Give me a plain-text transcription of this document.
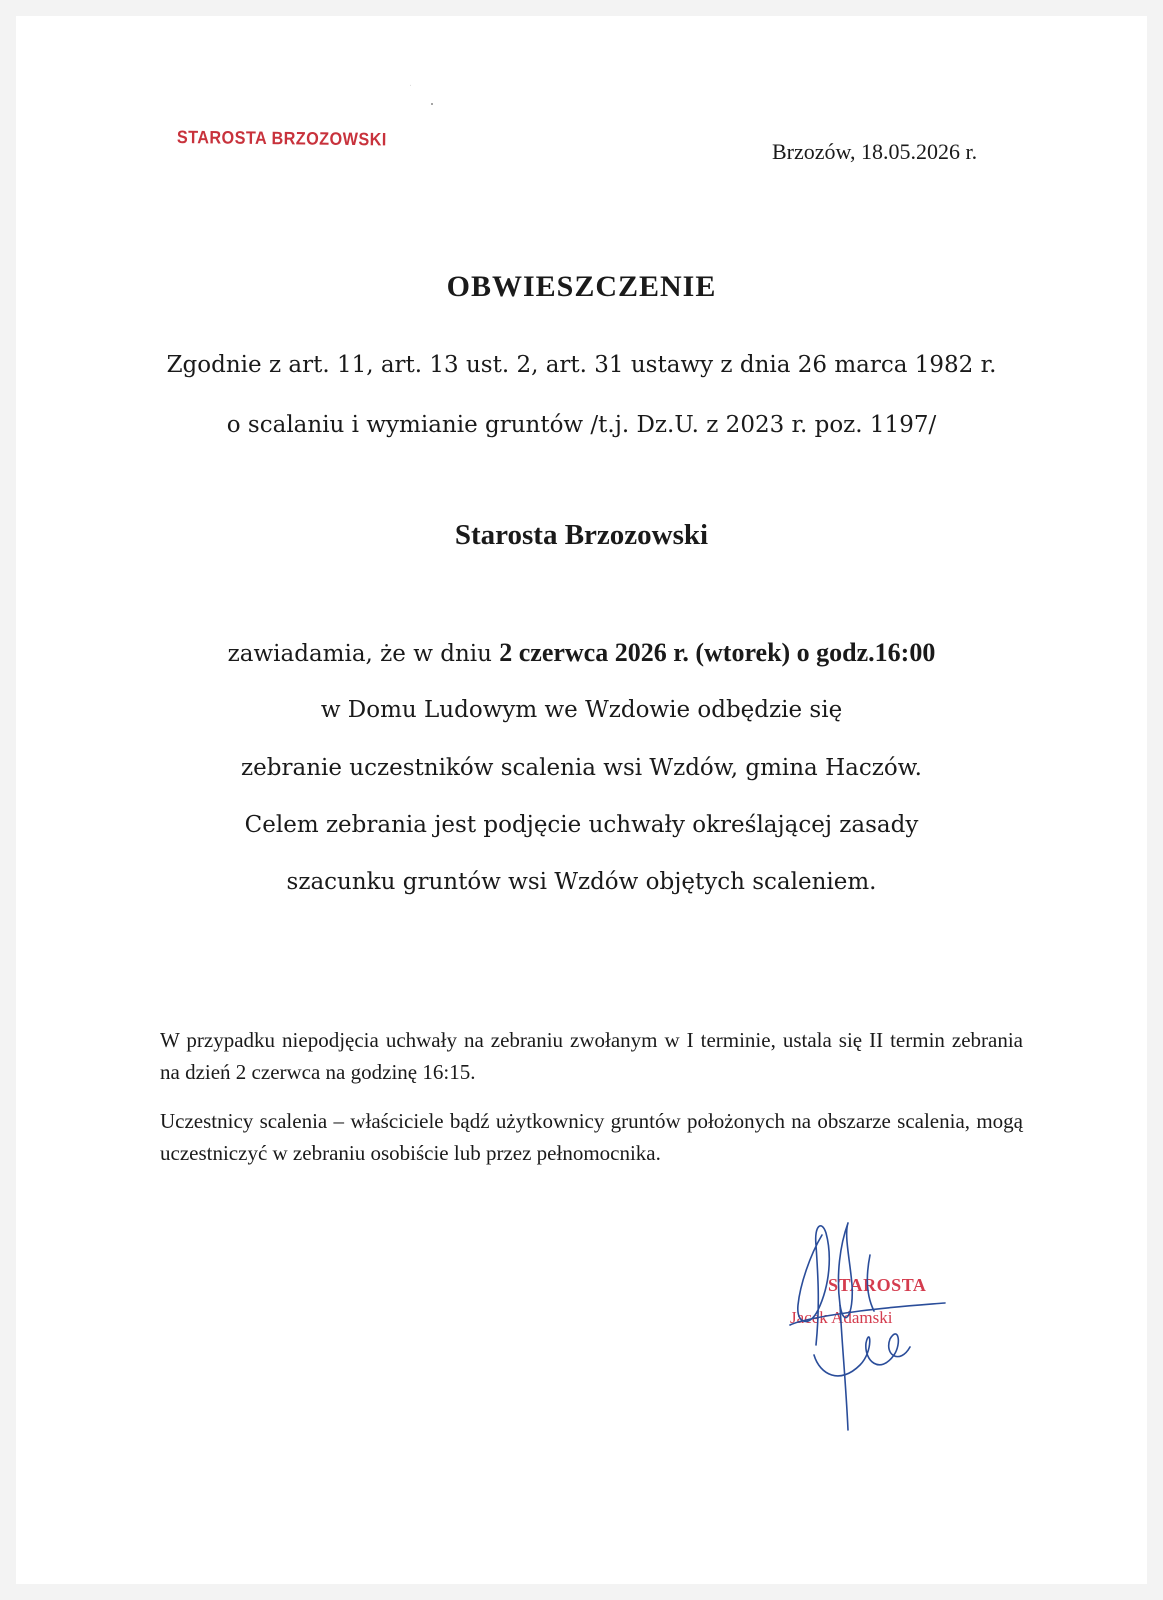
STAROSTA BRZOZOWSKI
Brzozów, 18.05.2026 r.
OBWIESZCZENIE
Zgodnie z art. 11, art. 13 ust. 2, art. 31 ustawy z dnia 26 marca 1982 r.
o scalaniu i wymianie gruntów /t.j. Dz.U. z 2023 r. poz. 1197/
Starosta Brzozowski
zawiadamia, że w dniu 2 czerwca 2026 r. (wtorek) o godz.16:00
w Domu Ludowym we Wzdowie odbędzie się
zebranie uczestników scalenia wsi Wzdów, gmina Haczów.
Celem zebrania jest podjęcie uchwały określającej zasady
szacunku gruntów wsi Wzdów objętych scaleniem.
W przypadku niepodjęcia uchwały na zebraniu zwołanym w I terminie, ustala się II termin zebrania na dzień 2 czerwca na godzinę 16:15.
Uczestnicy scalenia – właściciele bądź użytkownicy gruntów położonych na obszarze scalenia, mogą uczestniczyć w zebraniu osobiście lub przez pełnomocnika.
STAROSTA
Jacek Adamski
